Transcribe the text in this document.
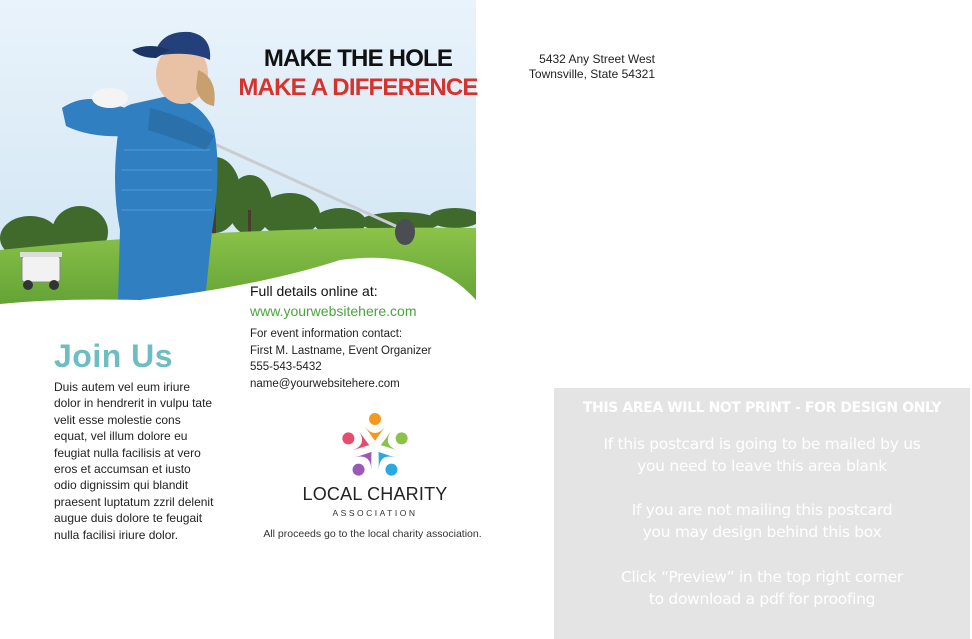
MAKE THE HOLE
MAKE A DIFFERENCE
5432 Any Street West
Townsville, State 54321
Join Us
Duis autem vel eum iriure dolor in hendrerit in vulpu tate velit esse molestie cons equat, vel illum dolore eu feugiat nulla facilisis at vero eros et accumsan et iusto odio dignissim qui blandit praesent luptatum zzril delenit augue duis dolore te feugait nulla facilisi iriure dolor.
Full details online at:
www.yourwebsitehere.com
For event information contact:
First M. Lastname, Event Organizer
555-543-5432
name@yourwebsitehere.com
LOCAL CHARITY
ASSOCIATION
All proceeds go to the local charity association.
THIS AREA WILL NOT PRINT - FOR DESIGN ONLY
If this postcard is going to be mailed by us
you need to leave this area blank
If you are not mailing this postcard
you may design behind this box
Click “Preview” in the top right corner
to download a pdf for proofing
